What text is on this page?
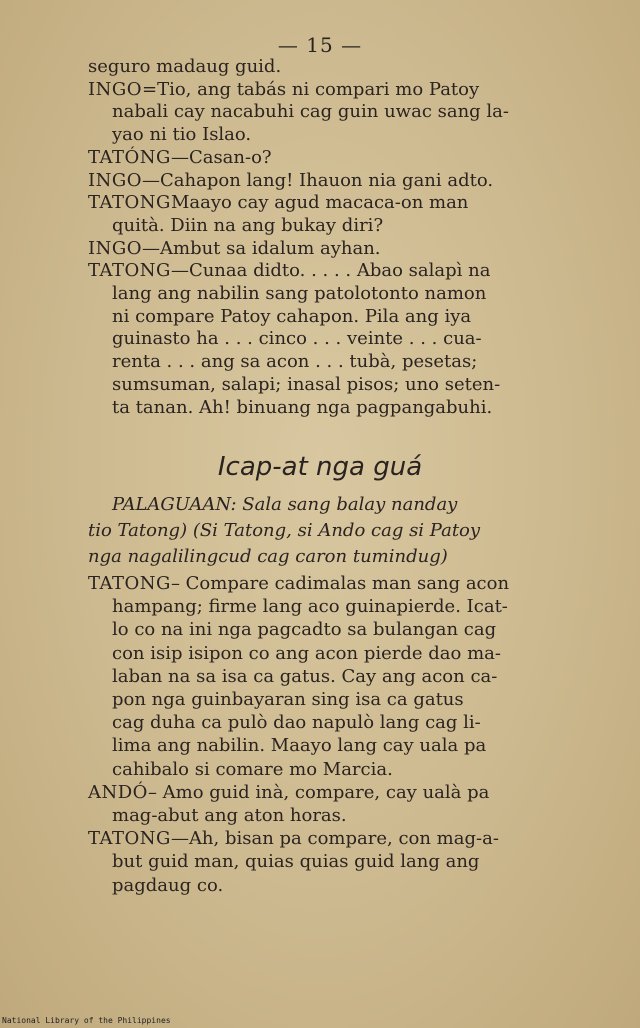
— 15 —
seguro madaug guid.
INGO=Tio, ang tabás ni compari mo Patoy
nabali cay nacabuhi cag guin uwac sang la-
yao ni tio Islao.
TATÓNG—Casan-o?
INGO—Cahapon lang! Ihauon nia gani adto.
TATONGMaayo cay agud macaca-on man
quità. Diin na ang bukay diri?
INGO—Ambut sa idalum ayhan.
TATONG—Cunaa didto. . . . . Abao salapì na
lang ang nabilin sang patolotonto namon
ni compare Patoy cahapon. Pila ang iya
guinasto ha . . . cinco . . . veinte . . . cua-
renta . . . ang sa acon . . . tubà, pesetas;
sumsuman, salapi; inasal pisos; uno seten-
ta tanan. Ah! binuang nga pagpangabuhi.
Icap-at nga guá
PALAGUAAN: Sala sang balay nanday
tio Tatong) (Si Tatong, si Ando cag si Patoy
nga nagalilingcud cag caron tumindug)
TATONG– Compare cadimalas man sang acon
hampang; firme lang aco guinapierde. Icat-
lo co na ini nga pagcadto sa bulangan cag
con isip isipon co ang acon pierde dao ma-
laban na sa isa ca gatus. Cay ang acon ca-
pon nga guinbayaran sing isa ca gatus
cag duha ca pulò dao napulò lang cag li-
lima ang nabilin. Maayo lang cay uala pa
cahibalo si comare mo Marcia.
ANDÓ– Amo guid inà, compare, cay ualà pa
mag-abut ang aton horas.
TATONG—Ah, bisan pa compare, con mag-a-
but guid man, quias quias guid lang ang
pagdaug co.
National Library of the Philippines
